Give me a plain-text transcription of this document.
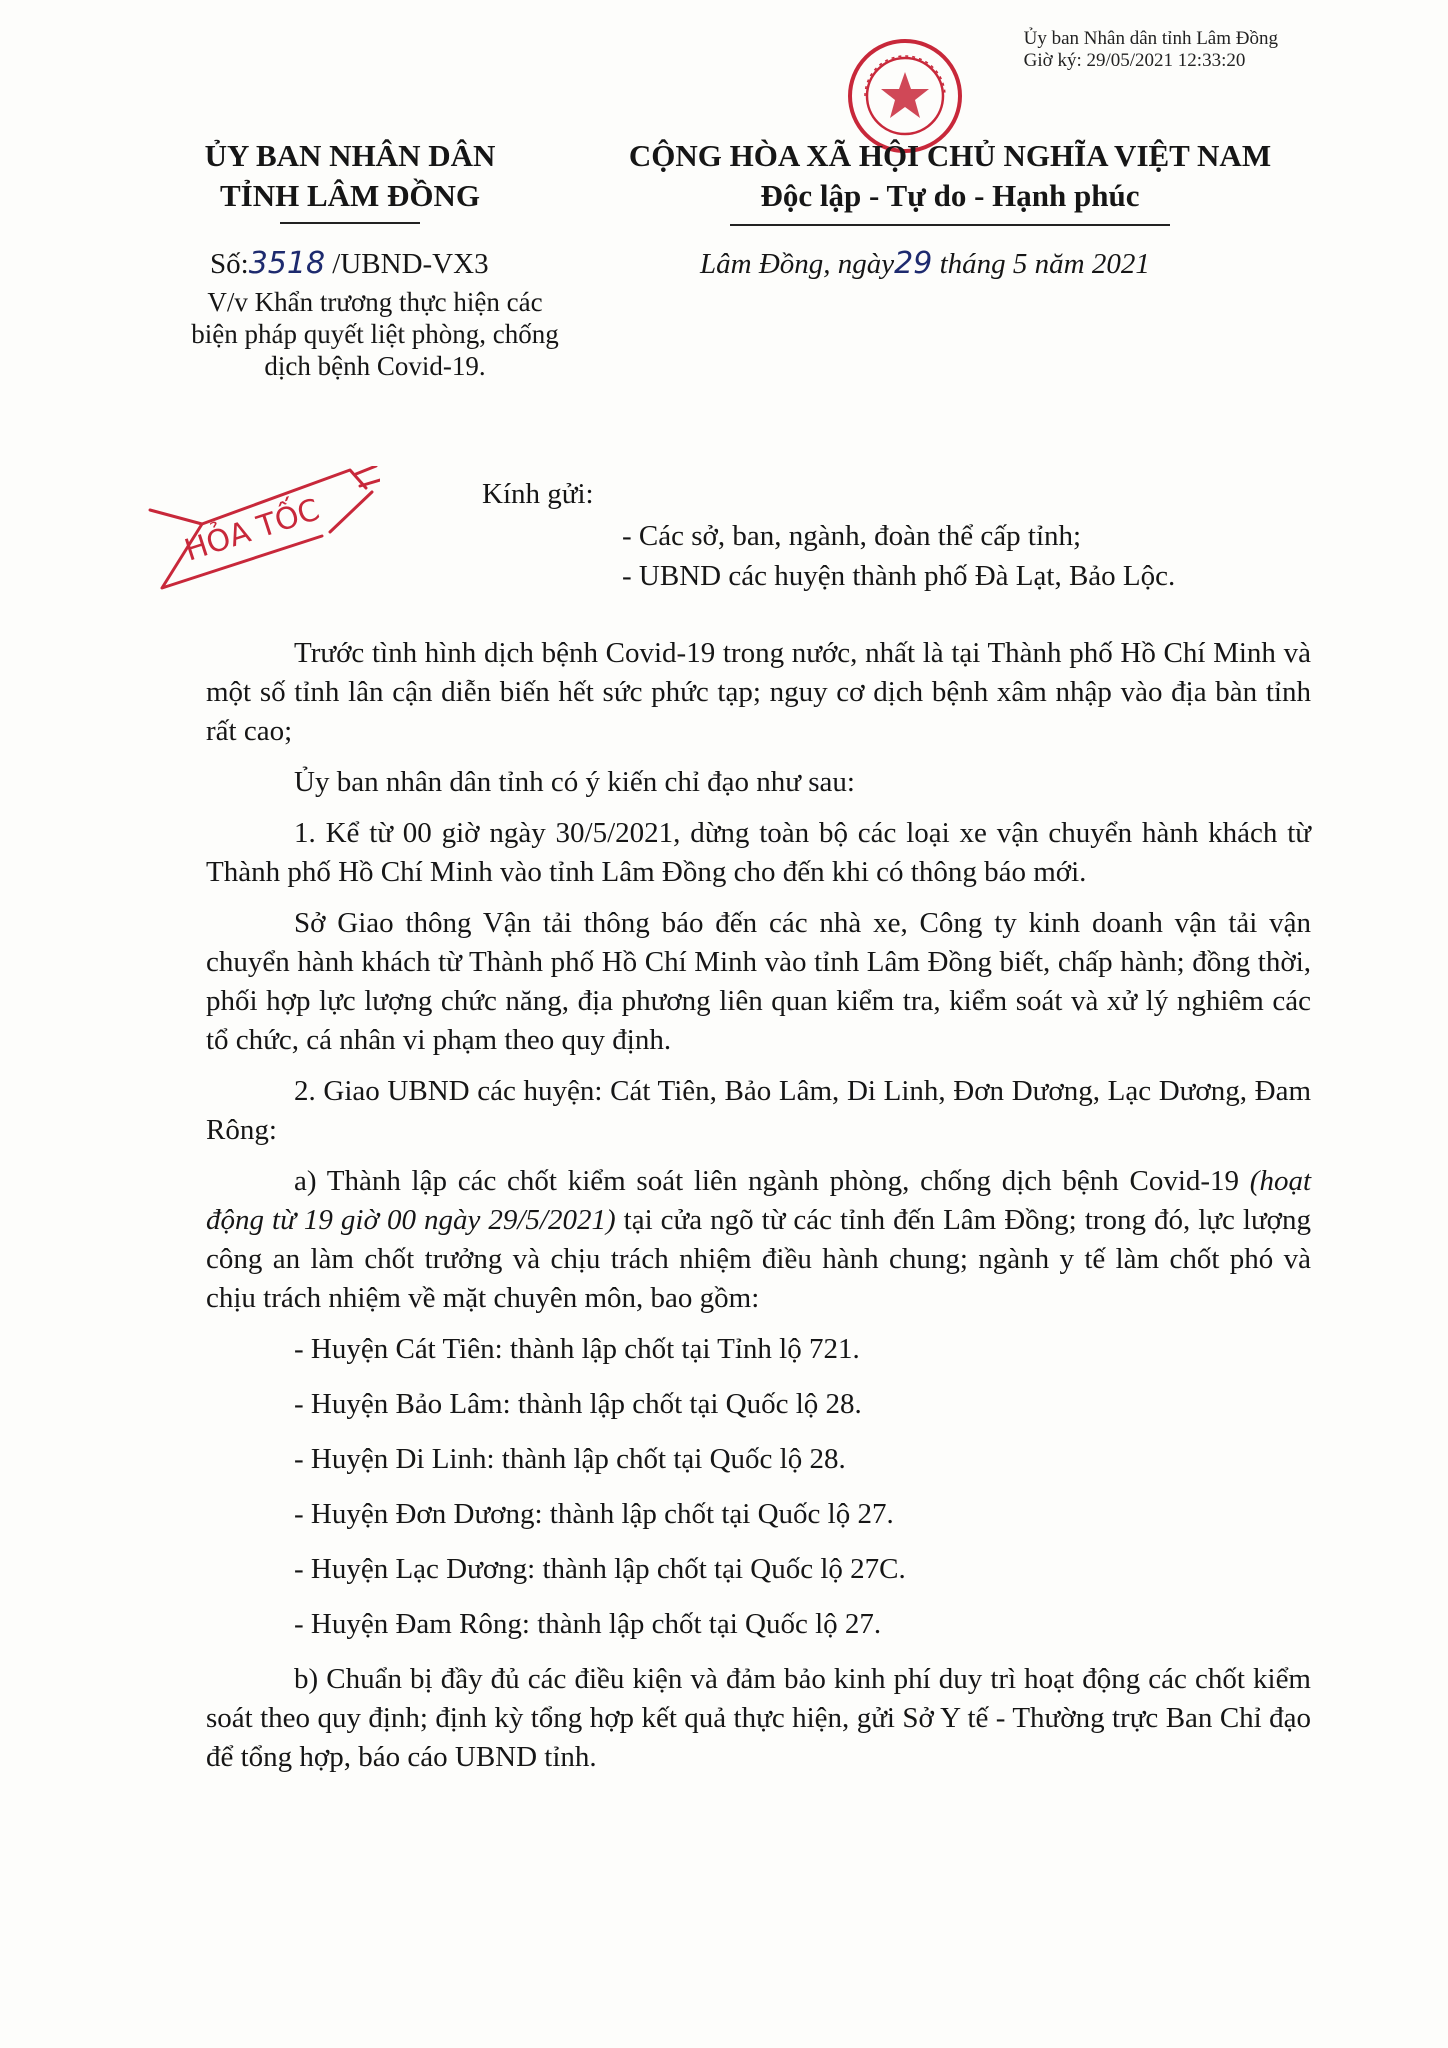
Ủy ban Nhân dân tỉnh Lâm Đồng
Giờ ký: 29/05/2021 12:33:20
ỦY BAN NHÂN DÂN
TỈNH LÂM ĐỒNG
CỘNG HÒA XÃ HỘI CHỦ NGHĨA VIỆT NAM
Độc lập - Tự do - Hạnh phúc
Số:3518 /UBND-VX3
V/v Khẩn trương thực hiện các
biện pháp quyết liệt phòng, chống
dịch bệnh Covid-19.
Lâm Đồng, ngày29 tháng 5 năm 2021
HỎA TỐC	Kính gửi:
- Các sở, ban, ngành, đoàn thể cấp tỉnh;
- UBND các huyện thành phố Đà Lạt, Bảo Lộc.

Trước tình hình dịch bệnh Covid-19 trong nước, nhất là tại Thành phố Hồ Chí Minh và một số tỉnh lân cận diễn biến hết sức phức tạp; nguy cơ dịch bệnh xâm nhập vào địa bàn tỉnh rất cao;

Ủy ban nhân dân tỉnh có ý kiến chỉ đạo như sau:

1. Kể từ 00 giờ ngày 30/5/2021, dừng toàn bộ các loại xe vận chuyển hành khách từ Thành phố Hồ Chí Minh vào tỉnh Lâm Đồng cho đến khi có thông báo mới.

Sở Giao thông Vận tải thông báo đến các nhà xe, Công ty kinh doanh vận tải vận chuyển hành khách từ Thành phố Hồ Chí Minh vào tỉnh Lâm Đồng biết, chấp hành; đồng thời, phối hợp lực lượng chức năng, địa phương liên quan kiểm tra, kiểm soát và xử lý nghiêm các tổ chức, cá nhân vi phạm theo quy định.

2. Giao UBND các huyện: Cát Tiên, Bảo Lâm, Di Linh, Đơn Dương, Lạc Dương, Đam Rông:

a) Thành lập các chốt kiểm soát liên ngành phòng, chống dịch bệnh Covid-19 (hoạt động từ 19 giờ 00 ngày 29/5/2021) tại cửa ngõ từ các tỉnh đến Lâm Đồng; trong đó, lực lượng công an làm chốt trưởng và chịu trách nhiệm điều hành chung; ngành y tế làm chốt phó và chịu trách nhiệm về mặt chuyên môn, bao gồm:

- Huyện Cát Tiên: thành lập chốt tại Tỉnh lộ 721.

- Huyện Bảo Lâm: thành lập chốt tại Quốc lộ 28.

- Huyện Di Linh: thành lập chốt tại Quốc lộ 28.

- Huyện Đơn Dương: thành lập chốt tại Quốc lộ 27.

- Huyện Lạc Dương: thành lập chốt tại Quốc lộ 27C.

- Huyện Đam Rông: thành lập chốt tại Quốc lộ 27.

b) Chuẩn bị đầy đủ các điều kiện và đảm bảo kinh phí duy trì hoạt động các chốt kiểm soát theo quy định; định kỳ tổng hợp kết quả thực hiện, gửi Sở Y tế - Thường trực Ban Chỉ đạo để tổng hợp, báo cáo UBND tỉnh.
